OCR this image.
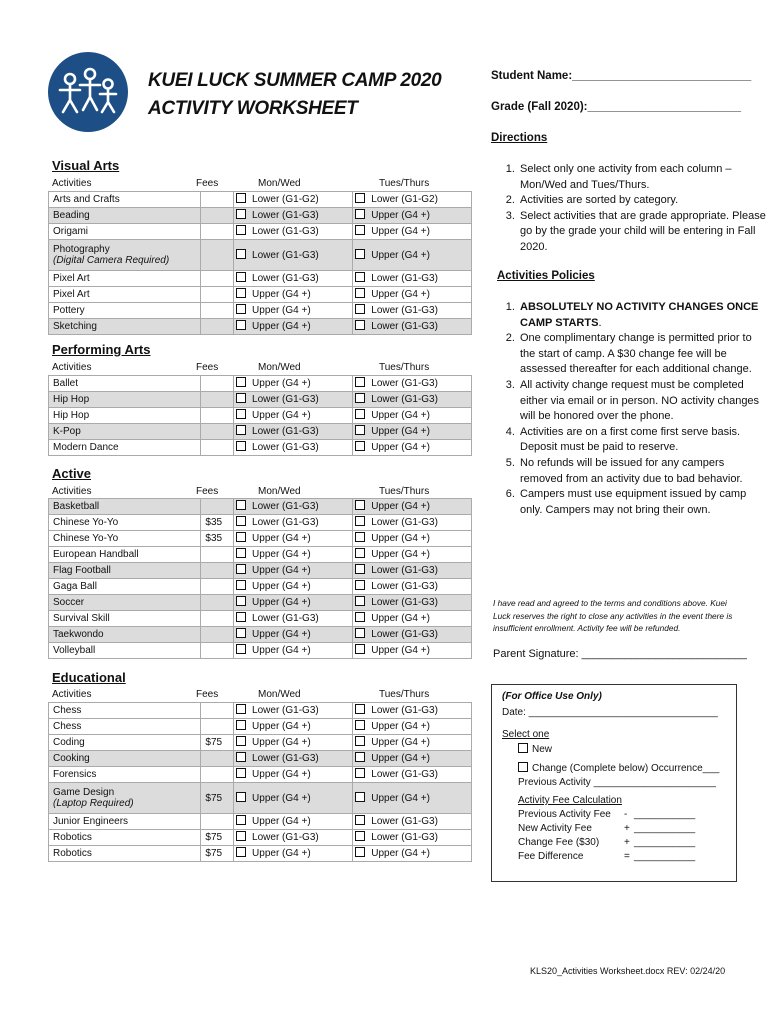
KUEI LUCK SUMMER CAMP 2020
ACTIVITY WORKSHEET
Student Name:____________________________
Grade (Fall 2020):________________________
Directions
1. Select only one activity from each column – Mon/Wed and Tues/Thurs.
2. Activities are sorted by category.
3. Select activities that are grade appropriate. Please go by the grade your child will be entering in Fall 2020.
Activities Policies
1. ABSOLUTELY NO ACTIVITY CHANGES ONCE CAMP STARTS.
2. One complimentary change is permitted prior to the start of camp. A $30 change fee will be assessed thereafter for each additional change.
3. All activity change request must be completed either via email or in person. NO activity changes will be honored over the phone.
4. Activities are on a first come first serve basis. Deposit must be paid to reserve.
5. No refunds will be issued for any campers removed from an activity due to bad behavior.
6. Campers must use equipment issued by camp only. Campers may not bring their own.
I have read and agreed to the terms and conditions above. Kuei Luck reserves the right to close any activities in the event there is insufficient enrollment. Activity fee will be refunded.
Parent Signature: ___________________________
(For Office Use Only)
Date: __________________________________
Select one
New
Change (Complete below) Occurrence___
Previous Activity ______________________
Activity Fee Calculation
Previous Activity Fee - ___________
New Activity Fee	+ ___________
Change Fee ($30) + ___________
Fee Difference	= ___________
KLS20_Activities Worksheet.docx REV: 02/24/20
Visual Arts
Activities	Fees	Mon/Wed	Tues/Thurs
Arts and Crafts			Lower (G1-G2)		Lower (G1-G2)
Beading			Lower (G1-G3)		Upper (G4 +)
Origami			Lower (G1-G3)		Upper (G4 +)
Photography
(Digital Camera Required)			Lower (G1-G3)		Upper (G4 +)
Pixel Art			Lower (G1-G3)		Lower (G1-G3)
Pixel Art			Upper (G4 +)		Upper (G4 +)
Pottery			Upper (G4 +)		Lower (G1-G3)
Sketching			Upper (G4 +)		Lower (G1-G3)
Performing Arts
Activities	Fees	Mon/Wed	Tues/Thurs
Ballet			Upper (G4 +)		Lower (G1-G3)
Hip Hop			Lower (G1-G3)		Lower (G1-G3)
Hip Hop			Upper (G4 +)		Upper (G4 +)
K-Pop			Lower (G1-G3)		Upper (G4 +)
Modern Dance			Lower (G1-G3)		Upper (G4 +)
Active
Activities	Fees	Mon/Wed	Tues/Thurs
Basketball			Lower (G1-G3)		Upper (G4 +)
Chinese Yo-Yo	$35		Lower (G1-G3)		Lower (G1-G3)
Chinese Yo-Yo	$35		Upper (G4 +)		Upper (G4 +)
European Handball			Upper (G4 +)		Upper (G4 +)
Flag Football			Upper (G4 +)		Lower (G1-G3)
Gaga Ball			Upper (G4 +)		Lower (G1-G3)
Soccer			Upper (G4 +)		Lower (G1-G3)
Survival Skill			Lower (G1-G3)		Upper (G4 +)
Taekwondo			Upper (G4 +)		Lower (G1-G3)
Volleyball			Upper (G4 +)		Upper (G4 +)
Educational
Activities	Fees	Mon/Wed	Tues/Thurs
Chess			Lower (G1-G3)		Lower (G1-G3)
Chess			Upper (G4 +)		Upper (G4 +)
Coding	$75		Upper (G4 +)		Upper (G4 +)
Cooking			Lower (G1-G3)		Upper (G4 +)
Forensics			Upper (G4 +)		Lower (G1-G3)
Game Design
(Laptop Required)	$75		Upper (G4 +)		Upper (G4 +)
Junior Engineers			Upper (G4 +)		Lower (G1-G3)
Robotics	$75		Lower (G1-G3)		Lower (G1-G3)
Robotics	$75		Upper (G4 +)		Upper (G4 +)
